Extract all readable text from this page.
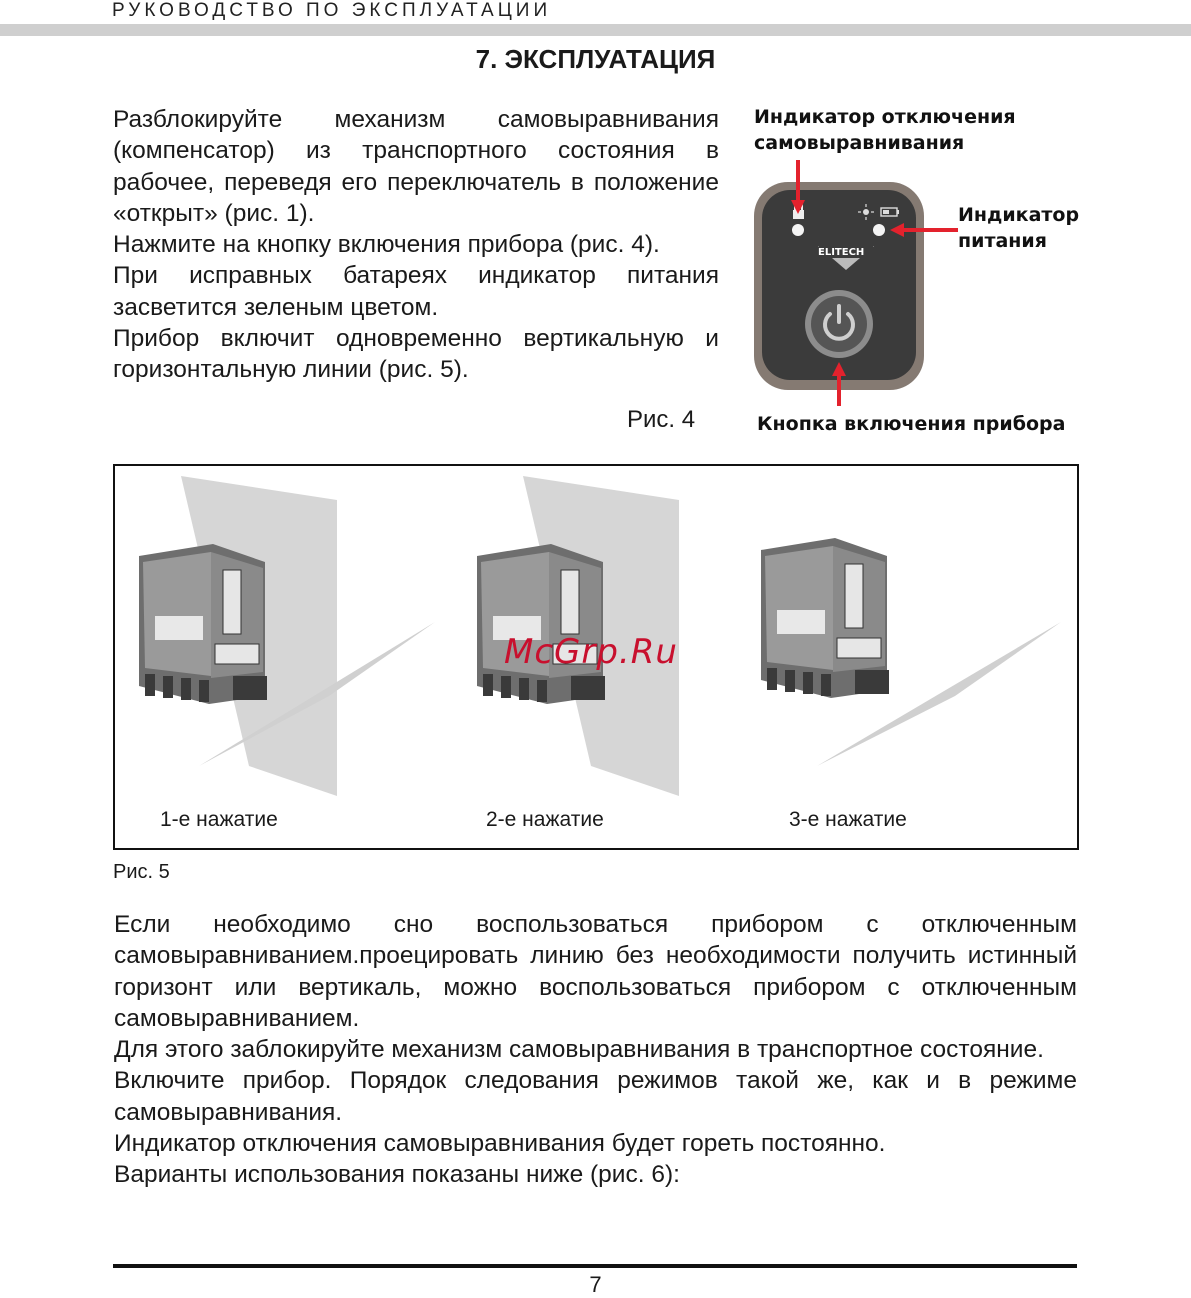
РУКОВОДСТВО ПО ЭКСПЛУАТАЦИИ
7. ЭКСПЛУАТАЦИЯ

Разблокируйте механизм самовыравнивания (компенсатор) из транспортного состояния в рабочее, переведя его переключатель в положение «открыт» (рис. 1).

Нажмите на кнопку включения прибора (рис. 4).

При исправных батареях индикатор питания засветится зеленым цветом.

Прибор включит одновременно вертикальную и горизонтальную линии (рис. 5).

Рис. 4
Индикатор отключения
самовыравнивания
Индикатор
питания
Кнопка включения прибора
ELITECH
McGrp.Ru
1-е нажатие	2-е нажатие	3-е нажатие
Рис. 5

Если необходимо сно воспользоваться прибором с отключенным самовыравниванием.проецировать линию без необходимости получить истинный горизонт или вертикаль, можно воспользоваться прибором с отключенным самовыравниванием.

Для этого заблокируйте механизм самовыравнивания в транспортное состояние.

Включите прибор. Порядок следования режимов такой же, как и в режиме самовыравнивания.

Индикатор отключения самовыравнивания будет гореть постоянно.

Варианты использования показаны ниже (рис. 6):

7
